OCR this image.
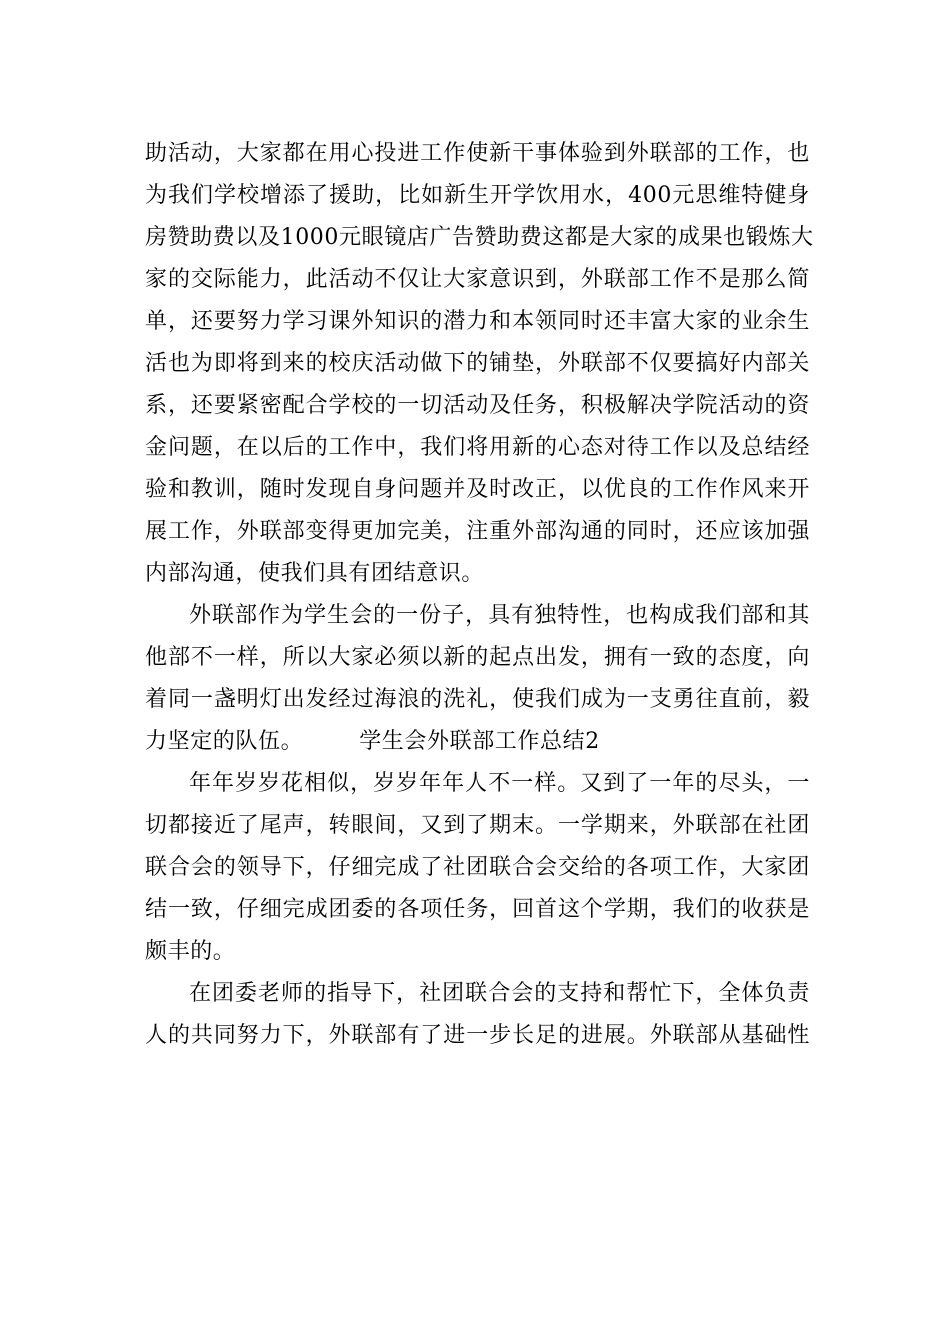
助活动，大家都在用心投进工作使新干事体验到外联部的工作，也
为我们学校增添了援助，比如新生开学饮用水，400元思维特健身
房赞助费以及1000元眼镜店广告赞助费这都是大家的成果也锻炼大
家的交际能力，此活动不仅让大家意识到，外联部工作不是那么简
单，还要努力学习课外知识的潜力和本领同时还丰富大家的业余生
活也为即将到来的校庆活动做下的铺垫，外联部不仅要搞好内部关
系，还要紧密配合学校的一切活动及任务，积极解决学院活动的资
金问题，在以后的工作中，我们将用新的心态对待工作以及总结经
验和教训，随时发现自身问题并及时改正，以优良的工作作风来开
展工作，外联部变得更加完美，注重外部沟通的同时，还应该加强
内部沟通，使我们具有团结意识。
外联部作为学生会的一份子，具有独特性，也构成我们部和其
他部不一样，所以大家必须以新的起点出发，拥有一致的态度，向
着同一盏明灯出发经过海浪的洗礼，使我们成为一支勇往直前，毅
力坚定的队伍。	学生会外联部工作总结2
年年岁岁花相似，岁岁年年人不一样。又到了一年的尽头，一
切都接近了尾声，转眼间，又到了期末。一学期来，外联部在社团
联合会的领导下，仔细完成了社团联合会交给的各项工作，大家团
结一致，仔细完成团委的各项任务，回首这个学期，我们的收获是
颇丰的。
在团委老师的指导下，社团联合会的支持和帮忙下，全体负责
人的共同努力下，外联部有了进一步长足的进展。外联部从基础性
